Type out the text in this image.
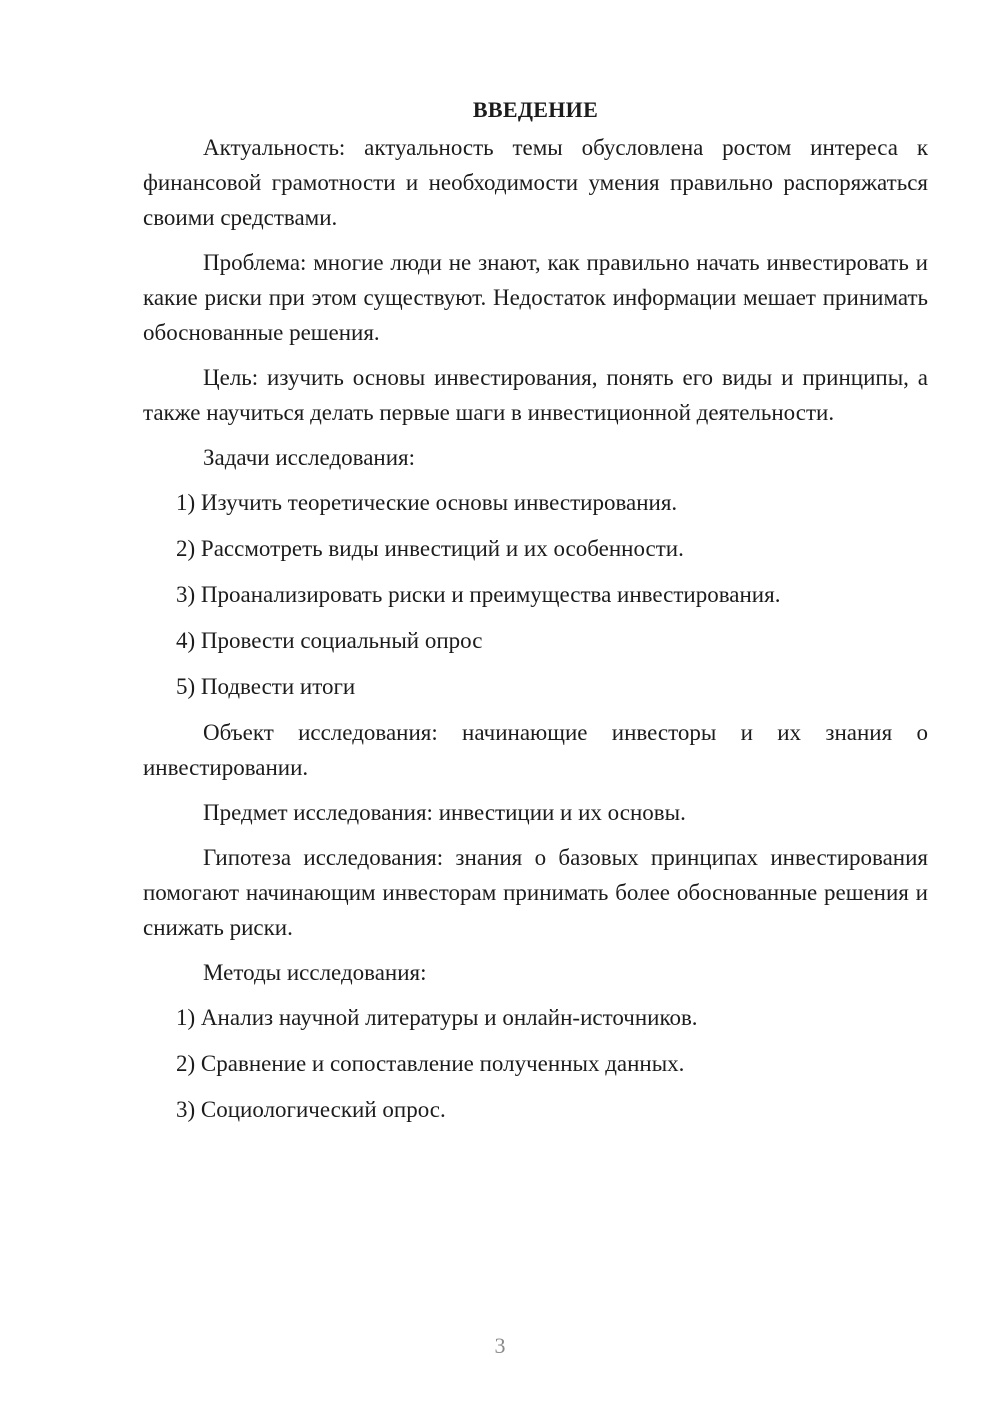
ВВЕДЕНИЕ

Актуальность: актуальность темы обусловлена ростом интереса к финансовой грамотности и необходимости умения правильно распоряжаться своими средствами.

Проблема: многие люди не знают, как правильно начать инвестировать и какие риски при этом существуют. Недостаток информации мешает принимать обоснованные решения.

Цель: изучить основы инвестирования, понять его виды и принципы, а также научиться делать первые шаги в инвестиционной деятельности.

Задачи исследования:

1) Изучить теоретические основы инвестирования.
2) Рассмотреть виды инвестиций и их особенности.
3) Проанализировать риски и преимущества инвестирования.
4) Провести социальный опрос
5) Подвести итоги

Объект исследования: начинающие инвесторы и их знания о инвестировании.

Предмет исследования: инвестиции и их основы.

Гипотеза исследования: знания о базовых принципах инвестирования помогают начинающим инвесторам принимать более обоснованные решения и снижать риски.

Методы исследования:

1) Анализ научной литературы и онлайн-источников.
2) Сравнение и сопоставление полученных данных.
3) Социологический опрос.
3
